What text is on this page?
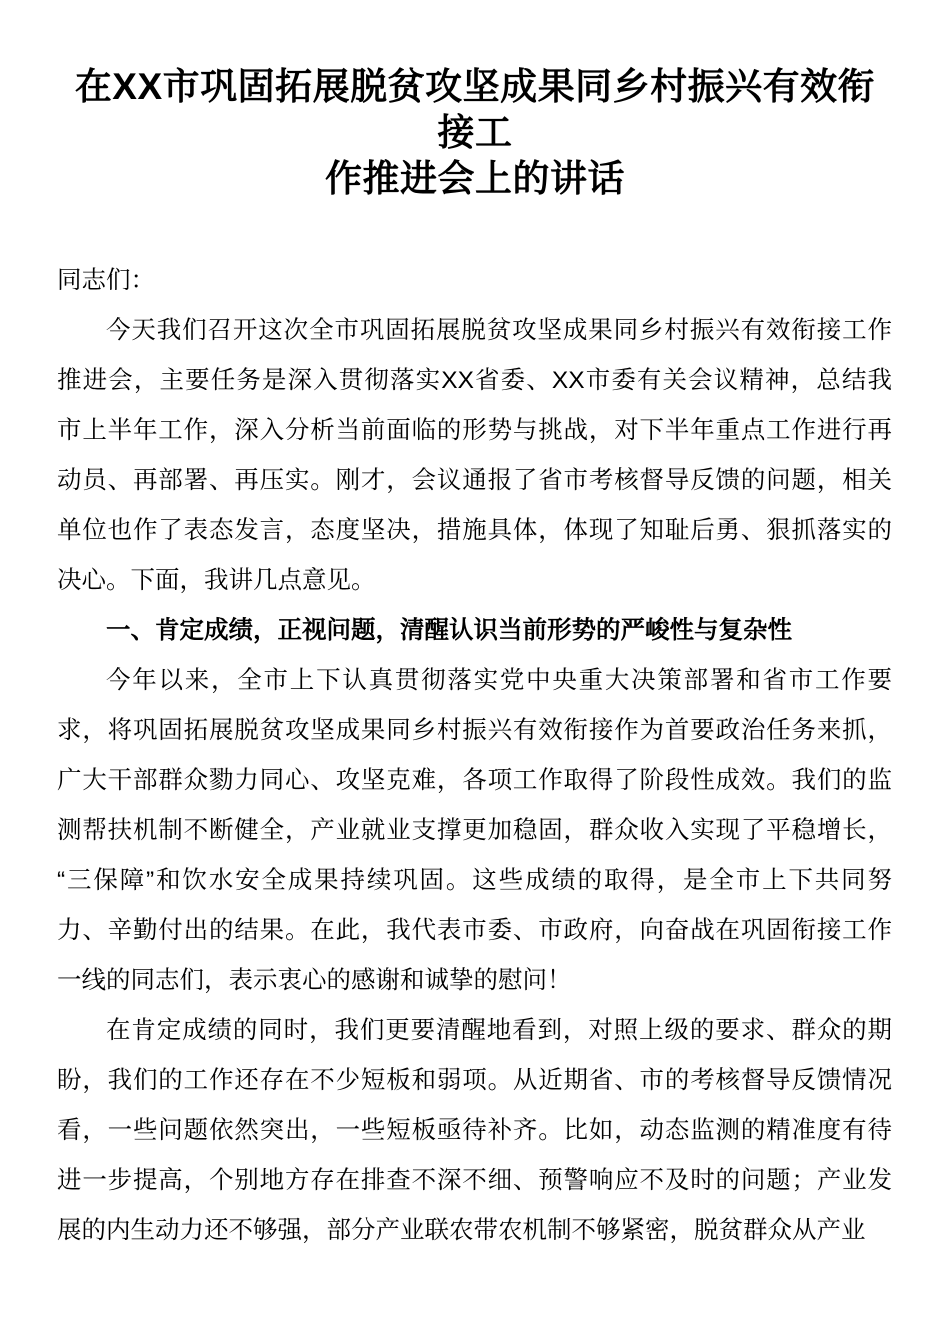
在XX市巩固拓展脱贫攻坚成果同乡村振兴有效衔接工
作推进会上的讲话
同志们：
今天我们召开这次全市巩固拓展脱贫攻坚成果同乡村振兴有效衔接工作
推进会，主要任务是深入贯彻落实XX省委、XX市委有关会议精神，总结我
市上半年工作，深入分析当前面临的形势与挑战，对下半年重点工作进行再
动员、再部署、再压实。刚才，会议通报了省市考核督导反馈的问题，相关
单位也作了表态发言，态度坚决，措施具体，体现了知耻后勇、狠抓落实的
决心。下面，我讲几点意见。
一、肯定成绩，正视问题，清醒认识当前形势的严峻性与复杂性
今年以来，全市上下认真贯彻落实党中央重大决策部署和省市工作要
求，将巩固拓展脱贫攻坚成果同乡村振兴有效衔接作为首要政治任务来抓，
广大干部群众勠力同心、攻坚克难，各项工作取得了阶段性成效。我们的监
测帮扶机制不断健全，产业就业支撑更加稳固，群众收入实现了平稳增长，
“三保障”和饮水安全成果持续巩固。这些成绩的取得，是全市上下共同努
力、辛勤付出的结果。在此，我代表市委、市政府，向奋战在巩固衔接工作
一线的同志们，表示衷心的感谢和诚挚的慰问！
在肯定成绩的同时，我们更要清醒地看到，对照上级的要求、群众的期
盼，我们的工作还存在不少短板和弱项。从近期省、市的考核督导反馈情况
看，一些问题依然突出，一些短板亟待补齐。比如，动态监测的精准度有待
进一步提高，个别地方存在排查不深不细、预警响应不及时的问题；产业发
展的内生动力还不够强，部分产业联农带农机制不够紧密，脱贫群众从产业
